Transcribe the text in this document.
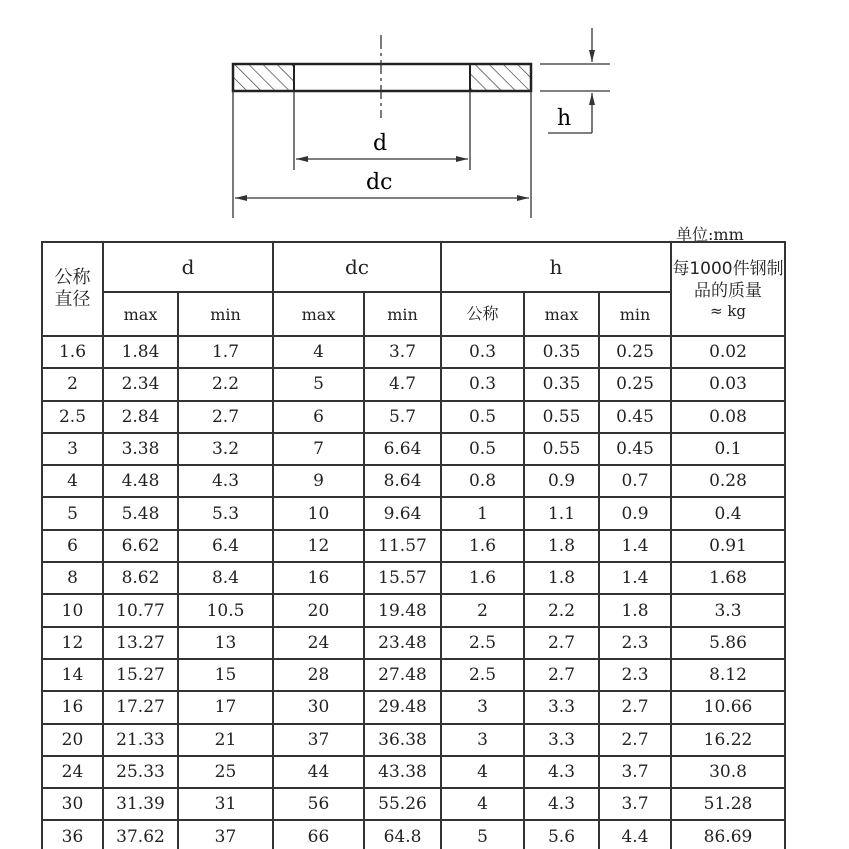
d
dc
h
单位:mm
公称直径	d		dc		h			每1000件钢制品的质量
≈ kg

	max	min	max	min	公称	max	min	
1.6	1.84	1.7	4	3.7	0.3	0.35	0.25	0.02
2	2.34	2.2	5	4.7	0.3	0.35	0.25	0.03
2.5	2.84	2.7	6	5.7	0.5	0.55	0.45	0.08
3	3.38	3.2	7	6.64	0.5	0.55	0.45	0.1
4	4.48	4.3	9	8.64	0.8	0.9	0.7	0.28
5	5.48	5.3	10	9.64	1	1.1	0.9	0.4
6	6.62	6.4	12	11.57	1.6	1.8	1.4	0.91
8	8.62	8.4	16	15.57	1.6	1.8	1.4	1.68
10	10.77	10.5	20	19.48	2	2.2	1.8	3.3
12	13.27	13	24	23.48	2.5	2.7	2.3	5.86
14	15.27	15	28	27.48	2.5	2.7	2.3	8.12
16	17.27	17	30	29.48	3	3.3	2.7	10.66
20	21.33	21	37	36.38	3	3.3	2.7	16.22
24	25.33	25	44	43.38	4	4.3	3.7	30.8
30	31.39	31	56	55.26	4	4.3	3.7	51.28
36	37.62	37	66	64.8	5	5.6	4.4	86.69
